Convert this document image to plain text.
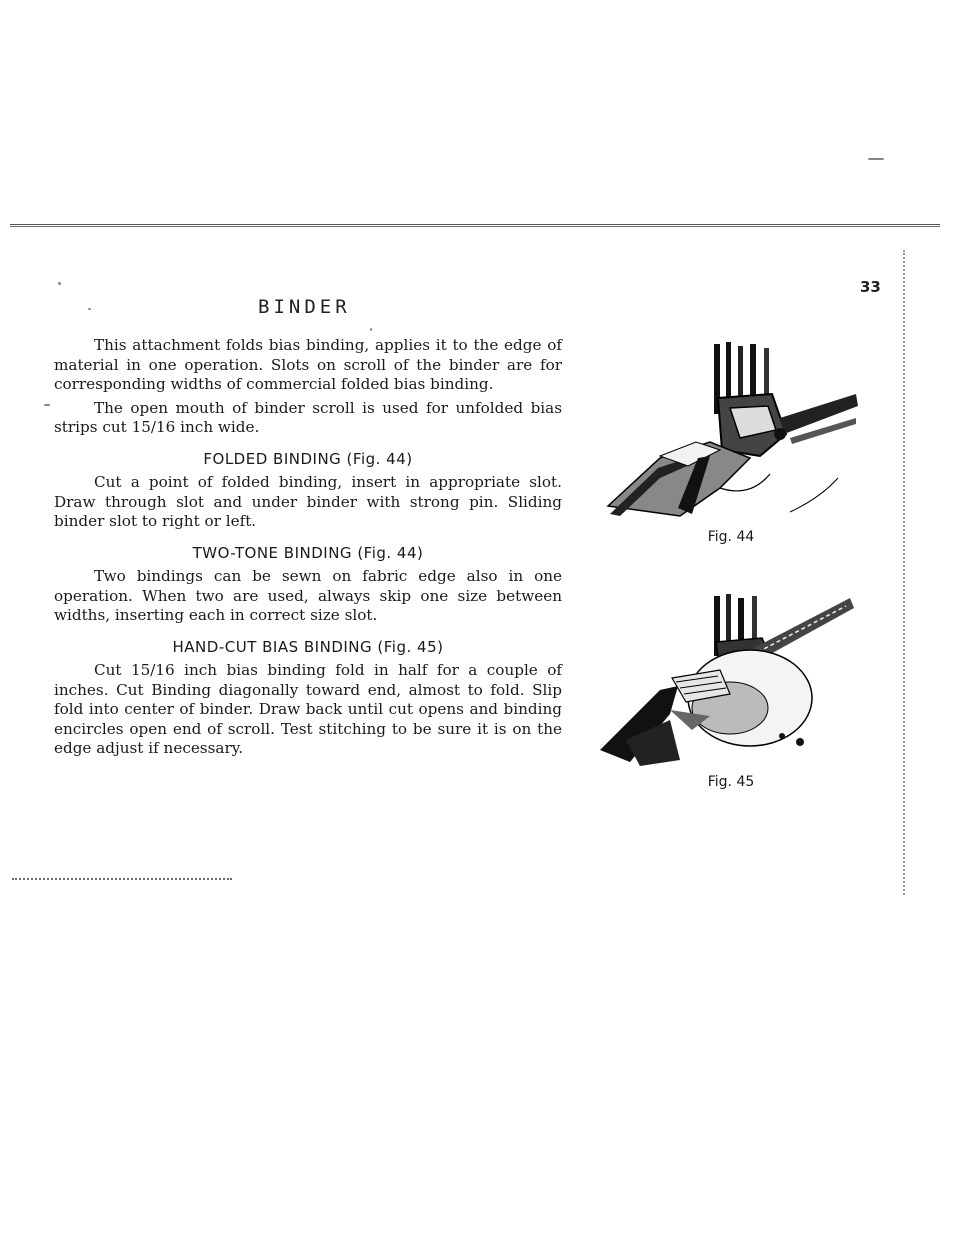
33
BINDER

This attachment folds bias binding, applies it to the edge of material in one operation. Slots on scroll of the binder are for corresponding widths of commercial folded bias binding.

The open mouth of binder scroll is used for unfolded bias strips cut 15/16 inch wide.

FOLDED BINDING (Fig. 44)

Cut a point of folded binding, insert in appropriate slot. Draw through slot and under binder with strong pin. Sliding binder slot to right or left.

TWO-TONE BINDING (Fig. 44)

Two bindings can be sewn on fabric edge also in one operation. When two are used, always skip one size between widths, inserting each in correct size slot.

HAND-CUT BIAS BINDING (Fig. 45)

Cut 15/16 inch bias binding fold in half for a couple of inches. Cut Binding diagonally toward end, almost to fold. Slip fold into center of binder. Draw back until cut opens and binding encircles open end of scroll. Test stitching to be sure it is on the edge adjust if necessary.

Fig. 44
Fig. 45
